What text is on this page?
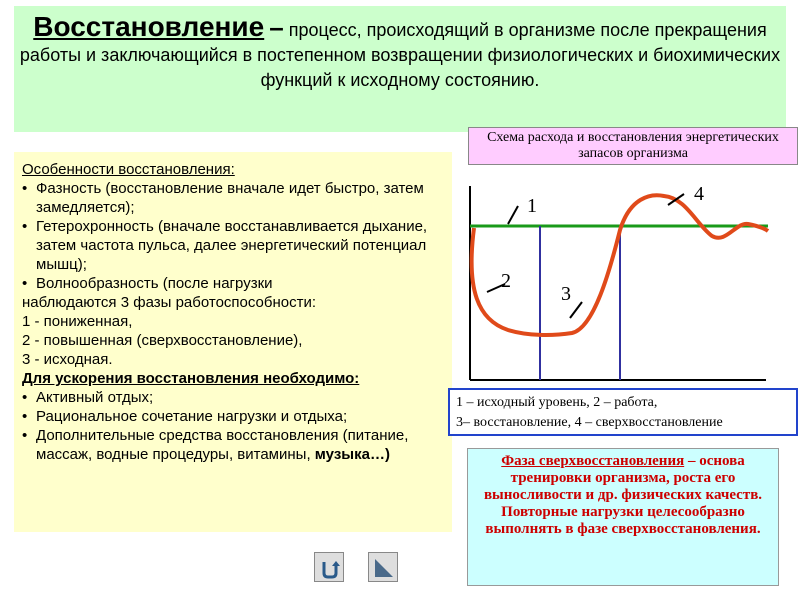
Восстановление – процесс, происходящий в организме после прекращения работы и заключающийся в постепенном возвращении физиологических и биохимических функций к исходному состоянию.
Особенности восстановления:
• Фазность (восстановление вначале идет быстро, затем замедляется);
• Гетерохронность (вначале восстанавливается дыхание, затем частота пульса, далее энергетический потенциал мышц);
• Волнообразность (после нагрузки
наблюдаются 3 фазы работоспособности:
1 - пониженная,
2 - повышенная (сверхвосстановление),
3 - исходная.
Для ускорения восстановления необходимо:
• Активный отдых;
• Рациональное сочетание нагрузки и отдыха;
• Дополнительные средства восстановления (питание, массаж, водные процедуры, витамины, музыка…)
Схема расхода и восстановления энергетических запасов организма
1
2
3
4
1 – исходный уровень, 2 – работа,
3– восстановление, 4 – сверхвосстановление
Фаза сверхвосстановления – основа тренировки организма, роста его выносливости и др. физических качеств. Повторные нагрузки целесообразно выполнять в фазе сверхвосстановления.
